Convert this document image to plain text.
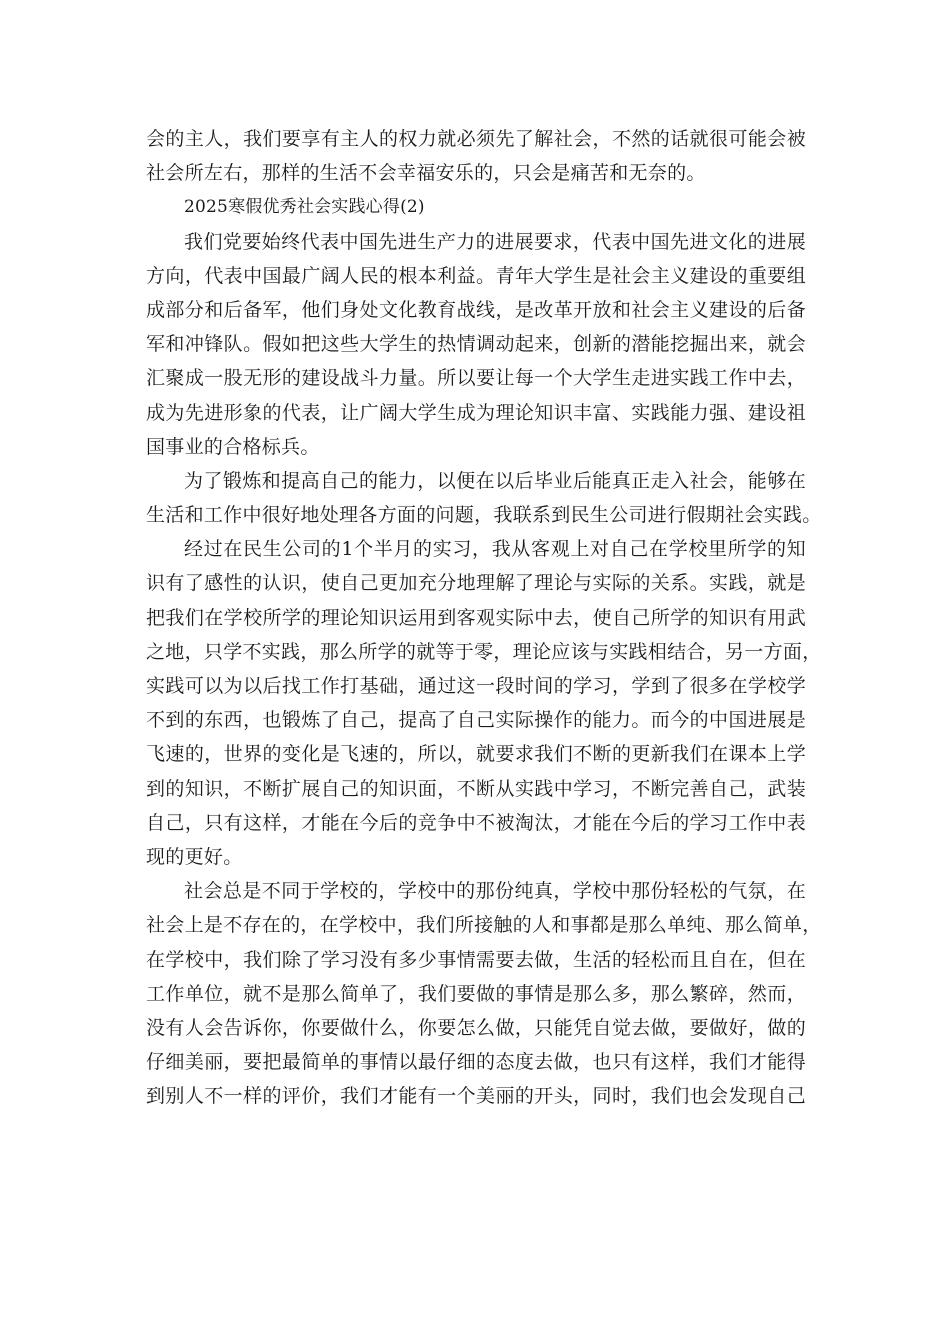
会的主人，我们要享有主人的权力就必须先了解社会，不然的话就很可能会被
社会所左右，那样的生活不会幸福安乐的，只会是痛苦和无奈的。
2025寒假优秀社会实践心得(2)
我们党要始终代表中国先进生产力的进展要求，代表中国先进文化的进展
方向，代表中国最广阔人民的根本利益。青年大学生是社会主义建设的重要组
成部分和后备军，他们身处文化教育战线，是改革开放和社会主义建设的后备
军和冲锋队。假如把这些大学生的热情调动起来，创新的潜能挖掘出来，就会
汇聚成一股无形的建设战斗力量。所以要让每一个大学生走进实践工作中去，
成为先进形象的代表，让广阔大学生成为理论知识丰富、实践能力强、建设祖
国事业的合格标兵。
为了锻炼和提高自己的能力，以便在以后毕业后能真正走入社会，能够在
生活和工作中很好地处理各方面的问题，我联系到民生公司进行假期社会实践。
经过在民生公司的1个半月的实习，我从客观上对自己在学校里所学的知
识有了感性的认识，使自己更加充分地理解了理论与实际的关系。实践，就是
把我们在学校所学的理论知识运用到客观实际中去，使自己所学的知识有用武
之地，只学不实践，那么所学的就等于零，理论应该与实践相结合，另一方面，
实践可以为以后找工作打基础，通过这一段时间的学习，学到了很多在学校学
不到的东西，也锻炼了自己，提高了自己实际操作的能力。而今的中国进展是
飞速的，世界的变化是飞速的，所以，就要求我们不断的更新我们在课本上学
到的知识，不断扩展自己的知识面，不断从实践中学习，不断完善自己，武装
自己，只有这样，才能在今后的竞争中不被淘汰，才能在今后的学习工作中表
现的更好。
社会总是不同于学校的，学校中的那份纯真，学校中那份轻松的气氛，在
社会上是不存在的，在学校中，我们所接触的人和事都是那么单纯、那么简单，
在学校中，我们除了学习没有多少事情需要去做，生活的轻松而且自在，但在
工作单位，就不是那么简单了，我们要做的事情是那么多，那么繁碎，然而，
没有人会告诉你，你要做什么，你要怎么做，只能凭自觉去做，要做好，做的
仔细美丽，要把最简单的事情以最仔细的态度去做，也只有这样，我们才能得
到别人不一样的评价，我们才能有一个美丽的开头，同时，我们也会发现自己
